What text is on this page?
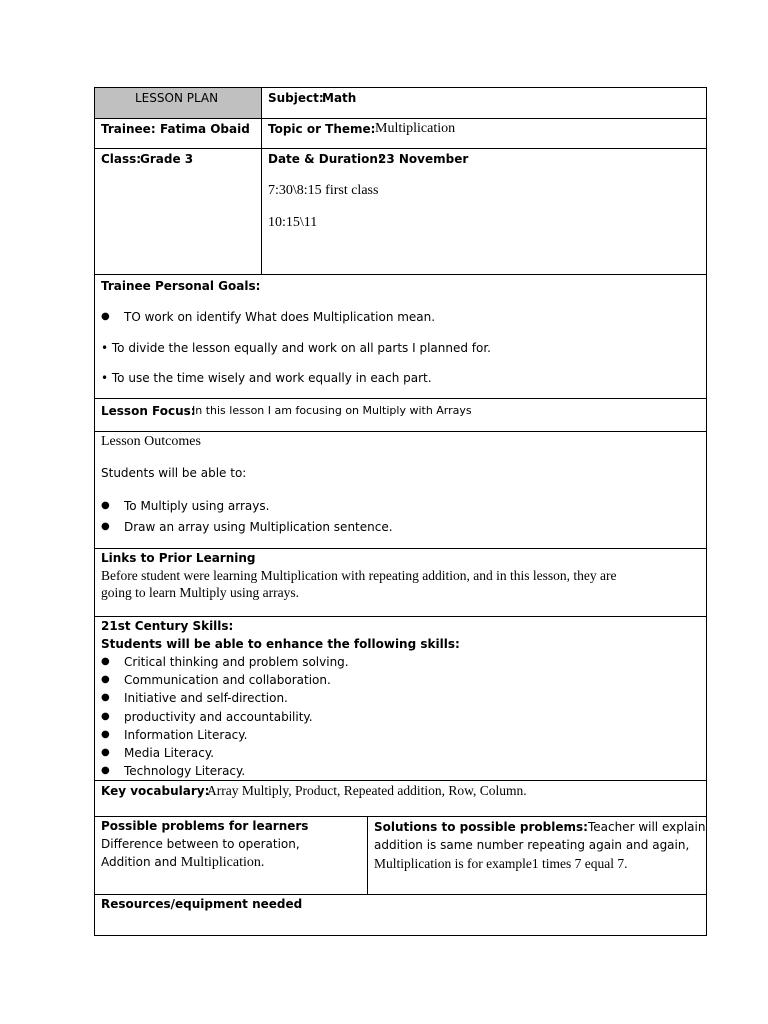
LESSON PLAN	Subject:
Math
Trainee: Fatima Obaid Topic or Theme: Multiplication
Class:
Grade 3	Date & Duration:
23 November
7:30\8:15 first class
10:15\11
Trainee Personal Goals:
● TO work on identify What does Multiplication mean.
• To divide the lesson equally and work on all parts I planned for.
• To use the time wisely and work equally in each part.
Lesson Focus:
In this lesson I am focusing on Multiply with Arrays
Lesson Outcomes
Students will be able to:
● To Multiply using arrays.
● Draw an array using Multiplication sentence.
Links to Prior Learning
Before student were learning Multiplication with repeating addition, and in this lesson, they are
going to learn Multiply using arrays.
21st Century Skills:
Students will be able to enhance the following skills:
● Critical thinking and problem solving.
● Communication and collaboration.
● Initiative and self-direction.
● productivity and accountability.
● Information Literacy.
● Media Literacy.
● Technology Literacy.
Key vocabulary:
Array Multiply, Product, Repeated addition, Row, Column.
Possible problems for learners
Difference between to operation,
Addition and Multiplication.
Solutions to possible problems:Teacher will explain
addition is same number repeating again and again,
Multiplication is for example1 times 7 equal 7.
Resources/equipment needed
